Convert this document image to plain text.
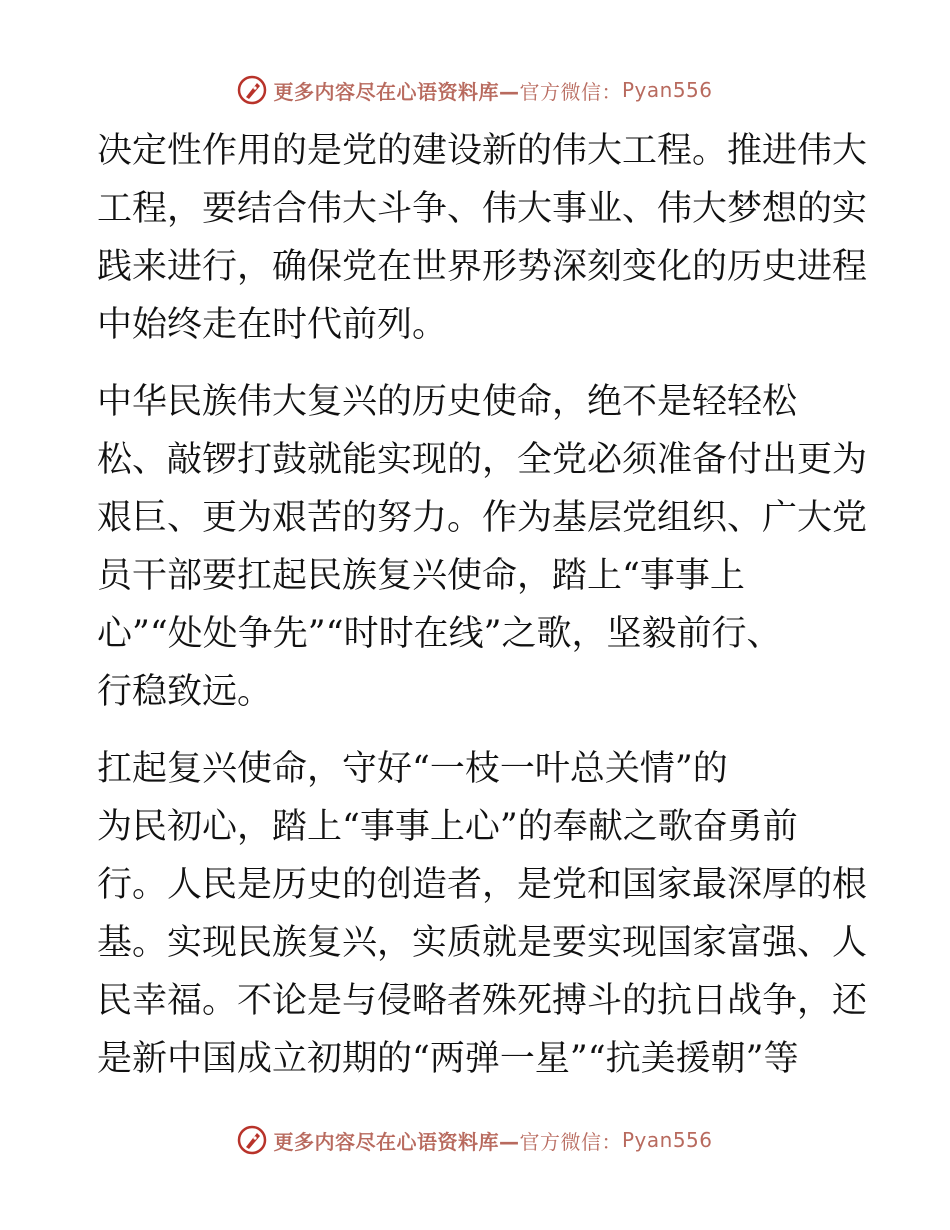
更多内容尽在心语资料库— 官方微信： Pyan556
决定性作用的是党的建设新的伟大工程。推进伟大
工程，要结合伟大斗争、伟大事业、伟大梦想的实
践来进行，确保党在世界形势深刻变化的历史进程
中始终走在时代前列。
中华民族伟大复兴的历史使命，绝不是轻轻松
松、敲锣打鼓就能实现的，全党必须准备付出更为
艰巨、更为艰苦的努力。作为基层党组织、广大党
员干部要扛起民族复兴使命，踏上“事事上
心”“处处争先”“时时在线”之歌，坚毅前行、
行稳致远。
扛起复兴使命，守好“一枝一叶总关情”的
为民初心，踏上“事事上心”的奉献之歌奋勇前
行。人民是历史的创造者，是党和国家最深厚的根
基。实现民族复兴，实质就是要实现国家富强、人
民幸福。不论是与侵略者殊死搏斗的抗日战争，还
是新中国成立初期的“两弹一星”“抗美援朝”等
更多内容尽在心语资料库— 官方微信： Pyan556
